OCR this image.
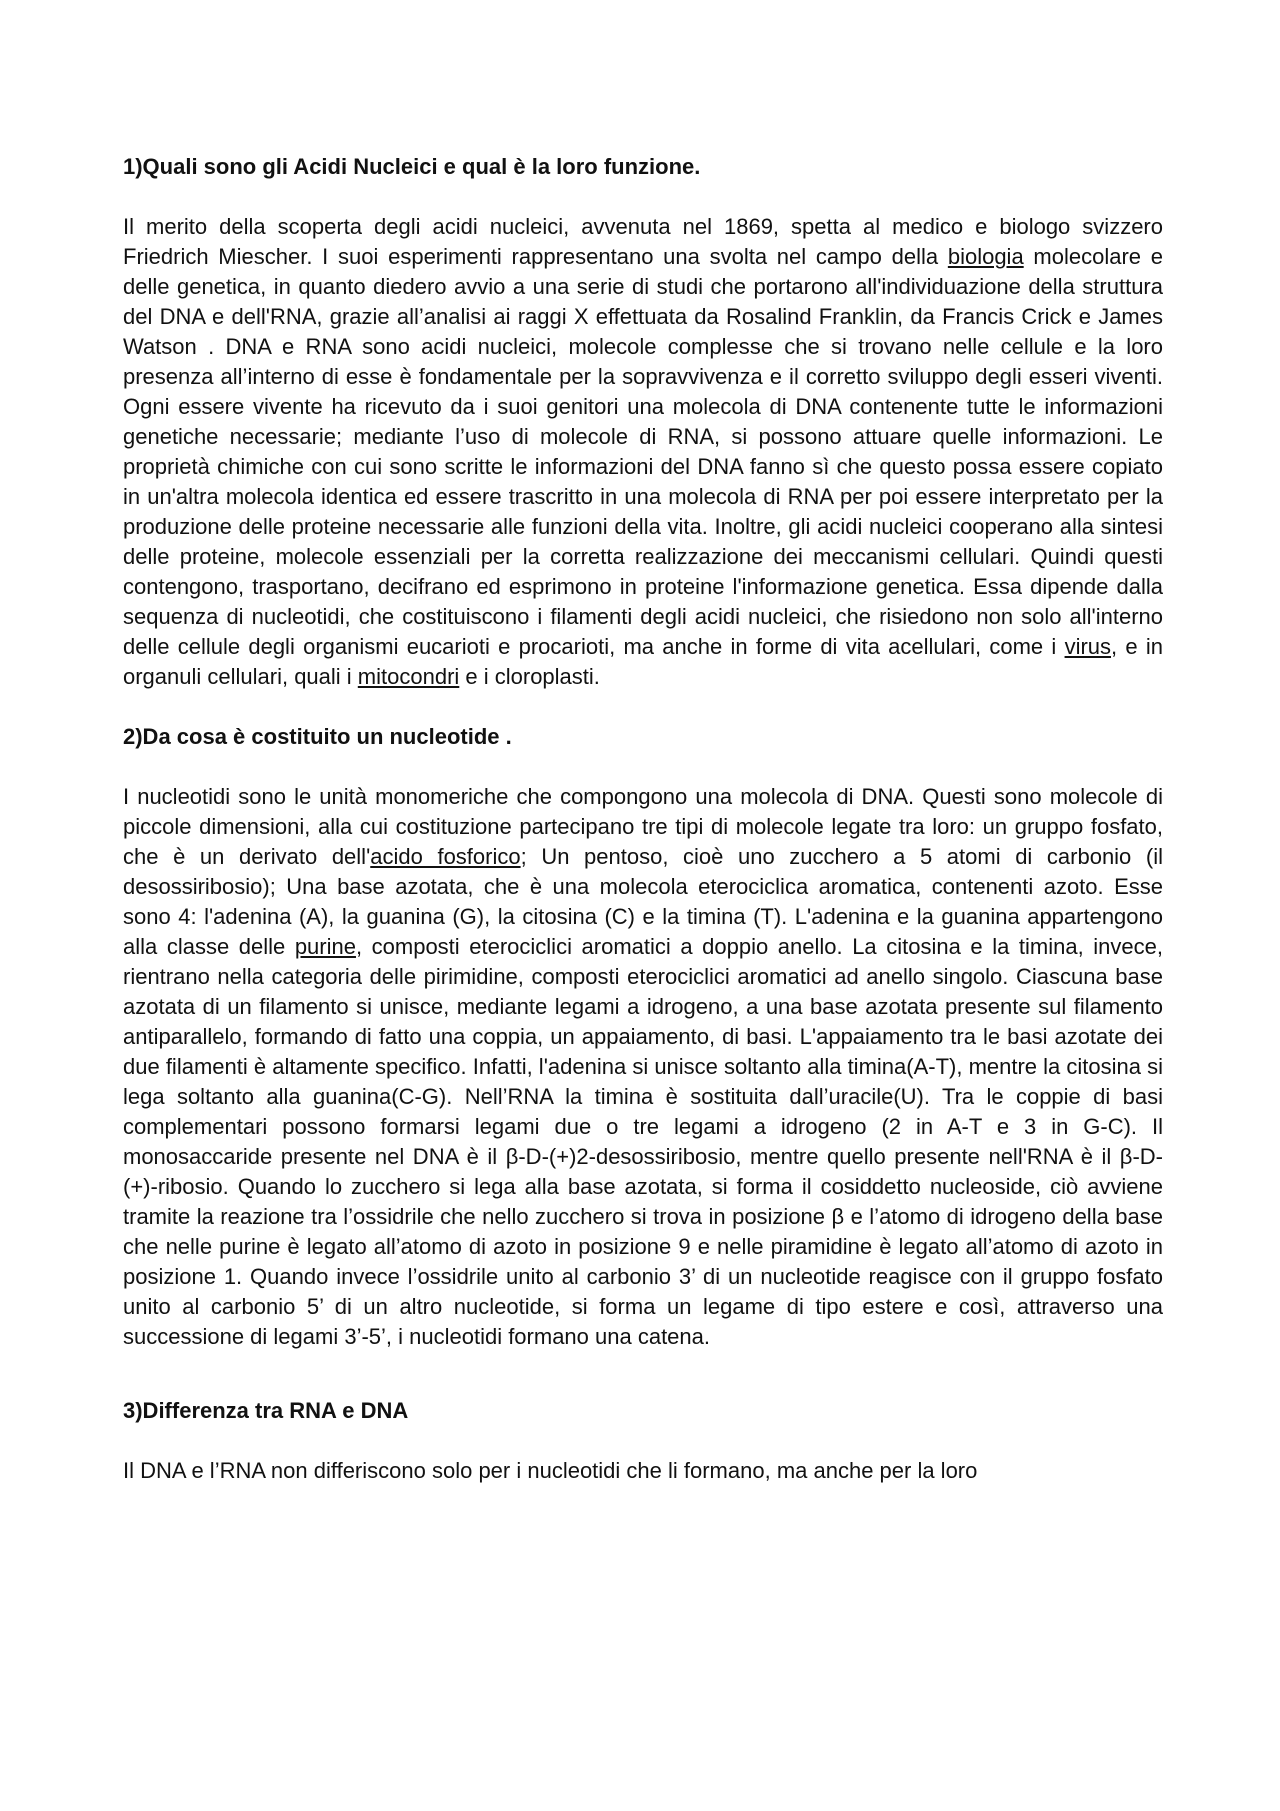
1)Quali sono gli Acidi Nucleici e qual è la loro funzione.

Il merito della scoperta degli acidi nucleici, avvenuta nel 1869, spetta al medico e biologo svizzero Friedrich Miescher. I suoi esperimenti rappresentano una svolta nel campo della biologia molecolare e delle genetica, in quanto diedero avvio a una serie di studi che portarono all'individuazione della struttura del DNA e dell'RNA, grazie all’analisi ai raggi X effettuata da Rosalind Franklin, da Francis Crick e James Watson . DNA e RNA sono acidi nucleici, molecole complesse che si trovano nelle cellule e la loro presenza all’interno di esse è fondamentale per la sopravvivenza e il corretto sviluppo degli esseri viventi. Ogni essere vivente ha ricevuto da i suoi genitori una molecola di DNA contenente tutte le informazioni genetiche necessarie; mediante l’uso di molecole di RNA, si possono attuare quelle informazioni. Le proprietà chimiche con cui sono scritte le informazioni del DNA fanno sì che questo possa essere copiato in un'altra molecola identica ed essere trascritto in una molecola di RNA per poi essere interpretato per la produzione delle proteine necessarie alle funzioni della vita. Inoltre, gli acidi nucleici cooperano alla sintesi delle proteine, molecole essenziali per la corretta realizzazione dei meccanismi cellulari. Quindi questi contengono, trasportano, decifrano ed esprimono in proteine l'informazione genetica. Essa dipende dalla sequenza di nucleotidi, che costituiscono i filamenti degli acidi nucleici, che risiedono non solo all'interno delle cellule degli organismi eucarioti e procarioti, ma anche in forme di vita acellulari, come i virus, e in organuli cellulari, quali i mitocondri e i cloroplasti.

2)Da cosa è costituito un nucleotide .

I nucleotidi sono le unità monomeriche che compongono una molecola di DNA. Questi sono molecole di piccole dimensioni, alla cui costituzione partecipano tre tipi di molecole legate tra loro: un gruppo fosfato, che è un derivato dell'acido fosforico; Un pentoso, cioè uno zucchero a 5 atomi di carbonio (il desossiribosio); Una base azotata, che è una molecola eterociclica aromatica, contenenti azoto. Esse sono 4: l'adenina (A), la guanina (G), la citosina (C) e la timina (T). L'adenina e la guanina appartengono alla classe delle purine, composti eterociclici aromatici a doppio anello. La citosina e la timina, invece, rientrano nella categoria delle pirimidine, composti eterociclici aromatici ad anello singolo. Ciascuna base azotata di un filamento si unisce, mediante legami a idrogeno, a una base azotata presente sul filamento antiparallelo, formando di fatto una coppia, un appaiamento, di basi. L'appaiamento tra le basi azotate dei due filamenti è altamente specifico. Infatti, l'adenina si unisce soltanto alla timina(A-T), mentre la citosina si lega soltanto alla guanina(C-G). Nell’RNA la timina è sostituita dall’uracile(U). Tra le coppie di basi complementari possono formarsi legami due o tre legami a idrogeno (2 in A-T e 3 in G-C). Il monosaccaride presente nel DNA è il β-D-(+)2-desossiribosio, mentre quello presente nell'RNA è il β-D-(+)-ribosio. Quando lo zucchero si lega alla base azotata, si forma il cosiddetto nucleoside, ciò avviene tramite la reazione tra l’ossidrile che nello zucchero si trova in posizione β e l’atomo di idrogeno della base che nelle purine è legato all’atomo di azoto in posizione 9 e nelle piramidine è legato all’atomo di azoto in posizione 1. Quando invece l’ossidrile unito al carbonio 3’ di un nucleotide reagisce con il gruppo fosfato unito al carbonio 5’ di un altro nucleotide, si forma un legame di tipo estere e così, attraverso una successione di legami 3’-5’, i nucleotidi formano una catena.

3)Differenza tra RNA e DNA

Il DNA e l’RNA non differiscono solo per i nucleotidi che li formano, ma anche per la loro
